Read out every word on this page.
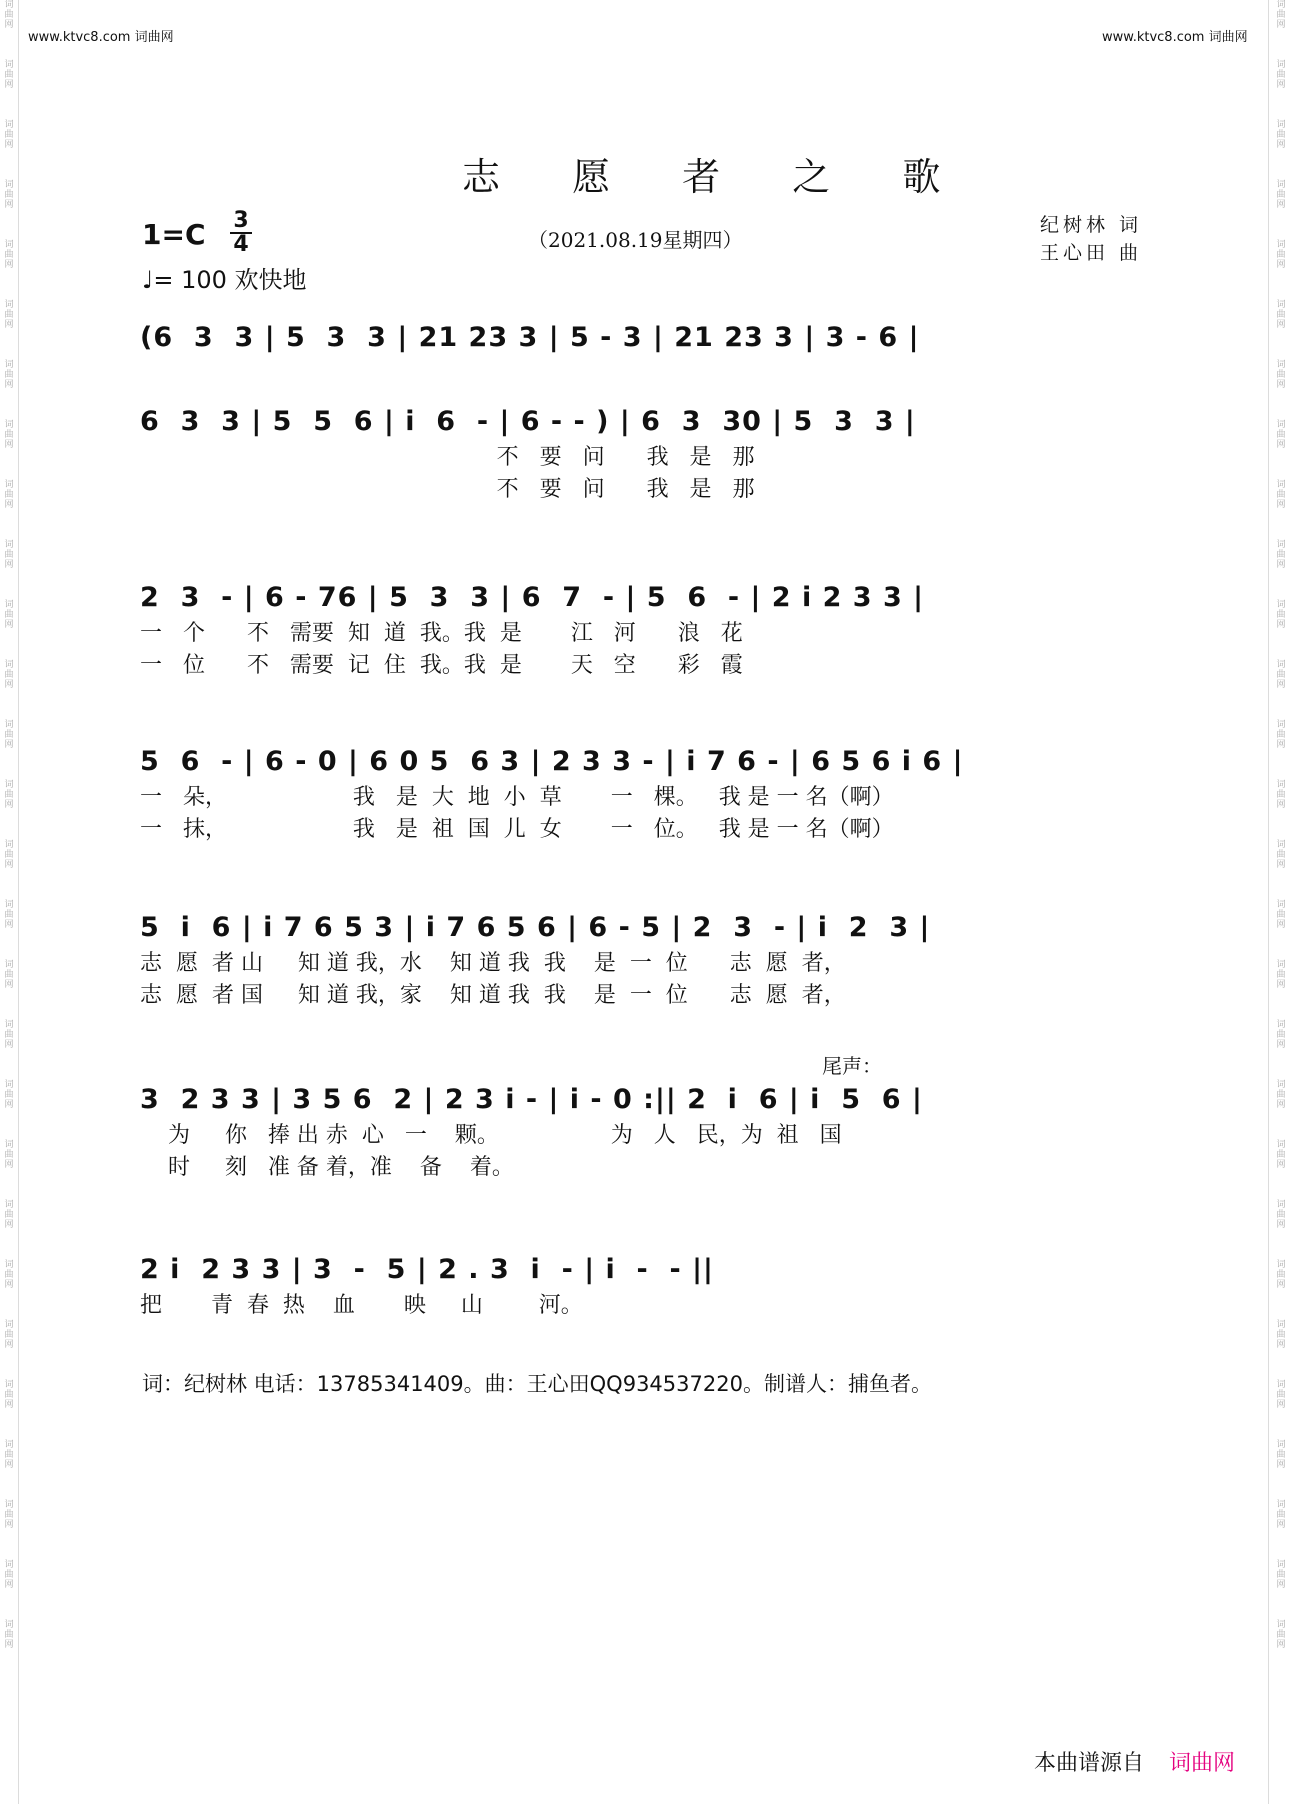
词
曲
网
词
曲
网
词
曲
网
词
曲
网
词
曲
网
词
曲
网
词
曲
网
词
曲
网
词
曲
网
词
曲
网
词
曲
网
词
曲
网
词
曲
网
词
曲
网
词
曲
网
词
曲
网
词
曲
网
词
曲
网
词
曲
网
词
曲
网
词
曲
网
词
曲
网
词
曲
网
词
曲
网
词
曲
网
词
曲
网
词
曲
网
词
曲
网
词
曲
网
词
曲
网
词
曲
网
词
曲
网
词
曲
网
词
曲
网
词
曲
网
词
曲
网
词
曲
网
词
曲
网
词
曲
网
词
曲
网
词
曲
网
词
曲
网
词
曲
网
词
曲
网
词
曲
网
词
曲
网
词
曲
网
词
曲
网
词
曲
网
词
曲
网
词
曲
网
词
曲
网
词
曲
网
词
曲
网
词
曲
网
词
曲
网
www.ktvc8.com 词曲网	www.ktvc8.com 词曲网
志 愿 者 之 歌
1=C 3
4
♩= 100 欢快地
（2021.08.19星期四）
纪树林 词
王心田 曲
(6  3  3 | 5  3  3 | 21 23 3 | 5 - 3 | 21 23 3 | 3 - 6 |
6  3  3 | 5  5  6 | i  6  - | 6 - - ) | 6  3  30 | 5  3  3 |
不   要   问      我   是   那
不   要   问      我   是   那
2  3  - | 6 - 76 | 5  3  3 | 6  7  - | 5  6  - | 2 i 2 3 3 |
一   个      不   需要  知  道  我。我  是       江   河      浪   花
一   位      不   需要  记  住  我。我  是       天   空      彩   霞
5  6  - | 6 - 0 | 6 0 5  6 3 | 2 3 3 - | i 7 6 - | 6 5 6 i 6 |
一   朵，                  我   是  大  地  小  草       一   棵。   我 是 一 名（啊）
一   抹，                  我   是  祖  国  儿  女       一   位。   我 是 一 名（啊）
5  i  6 | i 7 6 5 3 | i 7 6 5 6 | 6 - 5 | 2  3  - | i  2  3 |
志  愿  者 山     知 道 我，水    知 道 我  我    是  一  位      志  愿  者，
志  愿  者 国     知 道 我，家    知 道 我  我    是  一  位      志  愿  者，
尾声：
3  2 3 3 | 3 5 6  2 | 2 3 i - | i - 0 :|| 2  i  6 | i  5  6 |
为     你   捧 出 赤  心   一    颗。                为   人   民，为  祖   国
时     刻   准 备 着，准    备    着。
2 i  2 3 3 | 3  -  5 | 2 . 3  i  - | i  -  - ||
把       青  春  热    血       映     山        河。
词：纪树林 电话：13785341409。曲：王心田QQ934537220。制谱人：捕鱼者。
本曲谱源自 词曲网
